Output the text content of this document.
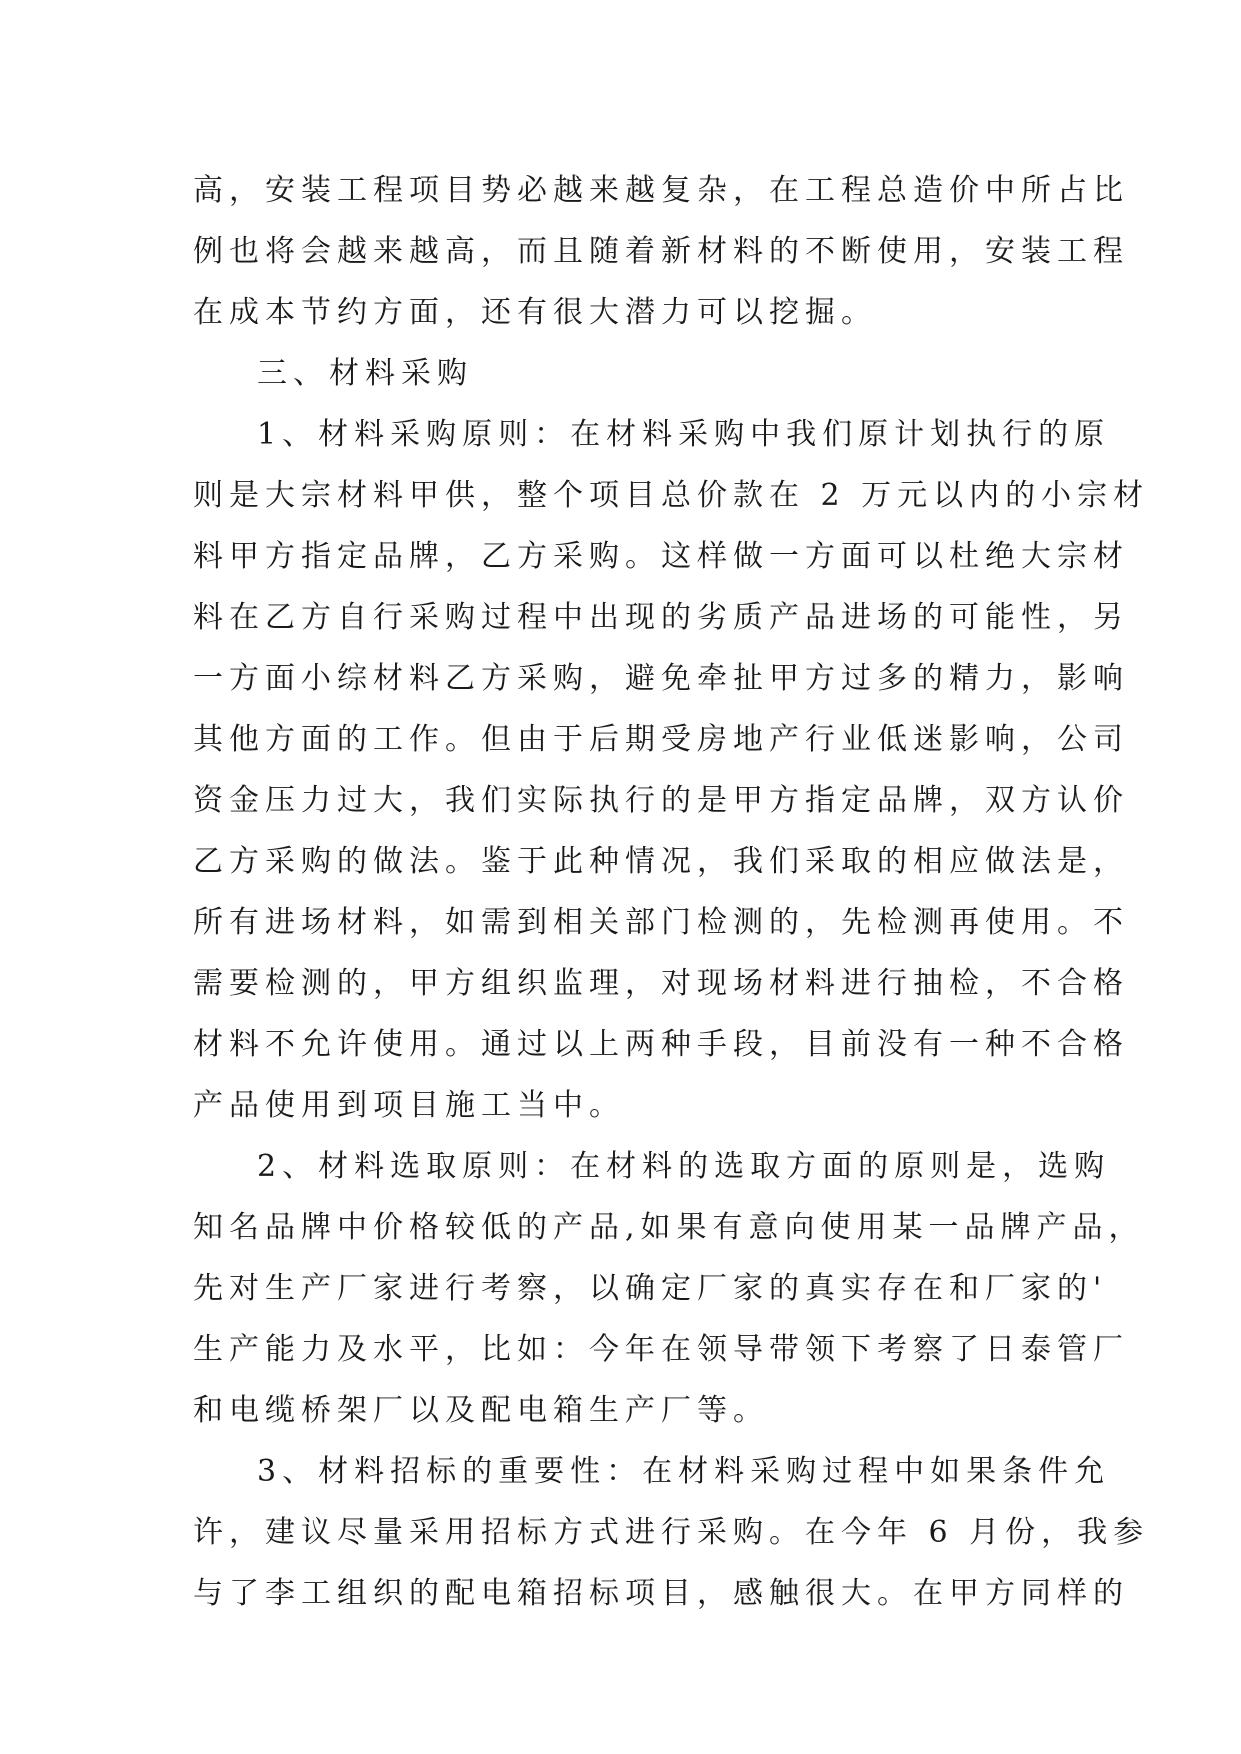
高，安装工程项目势必越来越复杂，在工程总造价中所占比
例也将会越来越高，而且随着新材料的不断使用，安装工程
在成本节约方面，还有很大潜力可以挖掘。
三、材料采购
1、材料采购原则：在材料采购中我们原计划执行的原
则是大宗材料甲供，整个项目总价款在 2 万元以内的小宗材
料甲方指定品牌，乙方采购。这样做一方面可以杜绝大宗材
料在乙方自行采购过程中出现的劣质产品进场的可能性，另
一方面小综材料乙方采购，避免牵扯甲方过多的精力，影响
其他方面的工作。但由于后期受房地产行业低迷影响，公司
资金压力过大，我们实际执行的是甲方指定品牌，双方认价
乙方采购的做法。鉴于此种情况，我们采取的相应做法是，
所有进场材料，如需到相关部门检测的，先检测再使用。不
需要检测的，甲方组织监理，对现场材料进行抽检，不合格
材料不允许使用。通过以上两种手段，目前没有一种不合格
产品使用到项目施工当中。
2、材料选取原则：在材料的选取方面的原则是，选购
知名品牌中价格较低的产品,如果有意向使用某一品牌产品，
先对生产厂家进行考察，以确定厂家的真实存在和厂家的'
生产能力及水平，比如：今年在领导带领下考察了日泰管厂
和电缆桥架厂以及配电箱生产厂等。
3、材料招标的重要性：在材料采购过程中如果条件允
许，建议尽量采用招标方式进行采购。在今年 6 月份，我参
与了李工组织的配电箱招标项目，感触很大。在甲方同样的
